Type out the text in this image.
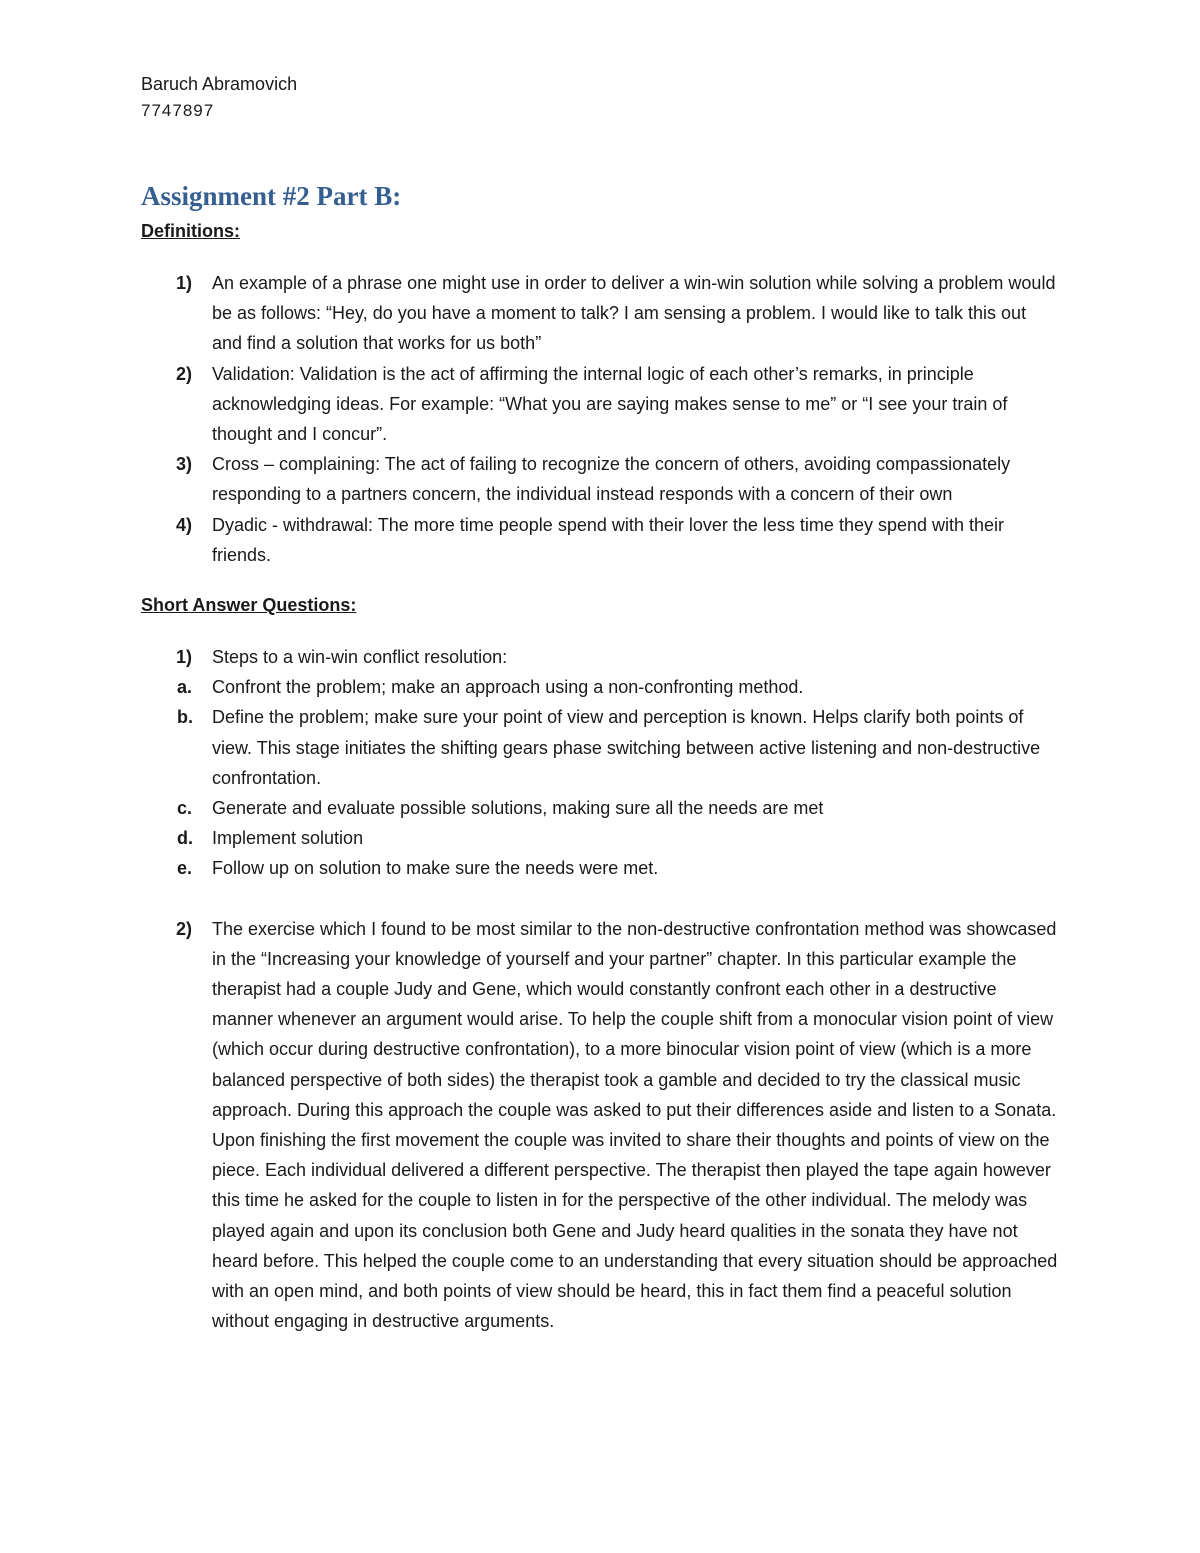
Baruch Abramovich

7747897

Assignment #2 Part B:

Definitions:

1) An example of a phrase one might use in order to deliver a win-win solution while solving a problem would be as follows: “Hey, do you have a moment to talk? I am sensing a problem. I would like to talk this out and find a solution that works for us both”
2) Validation: Validation is the act of affirming the internal logic of each other’s remarks, in principle acknowledging ideas. For example: “What you are saying makes sense to me” or “I see your train of thought and I concur”.
3) Cross – complaining: The act of failing to recognize the concern of others, avoiding compassionately responding to a partners concern, the individual instead responds with a concern of their own
4) Dyadic - withdrawal: The more time people spend with their lover the less time they spend with their friends.

Short Answer Questions:

1) Steps to a win-win conflict resolution:
a. Confront the problem; make an approach using a non-confronting method.
b. Define the problem; make sure your point of view and perception is known. Helps clarify both points of view. This stage initiates the shifting gears phase switching between active listening and non-destructive confrontation.
c. Generate and evaluate possible solutions, making sure all the needs are met
d. Implement solution
e. Follow up on solution to make sure the needs were met.
2) The exercise which I found to be most similar to the non-destructive confrontation method was showcased in the “Increasing your knowledge of yourself and your partner” chapter. In this particular example the therapist had a couple Judy and Gene, which would constantly confront each other in a destructive manner whenever an argument would arise. To help the couple shift from a monocular vision point of view (which occur during destructive confrontation), to a more binocular vision point of view (which is a more balanced perspective of both sides) the therapist took a gamble and decided to try the classical music approach. During this approach the couple was asked to put their differences aside and listen to a Sonata. Upon finishing the first movement the couple was invited to share their thoughts and points of view on the piece. Each individual delivered a different perspective. The therapist then played the tape again however this time he asked for the couple to listen in for the perspective of the other individual. The melody was played again and upon its conclusion both Gene and Judy heard qualities in the sonata they have not heard before. This helped the couple come to an understanding that every situation should be approached with an open mind, and both points of view should be heard, this in fact them find a peaceful solution without engaging in destructive arguments.
